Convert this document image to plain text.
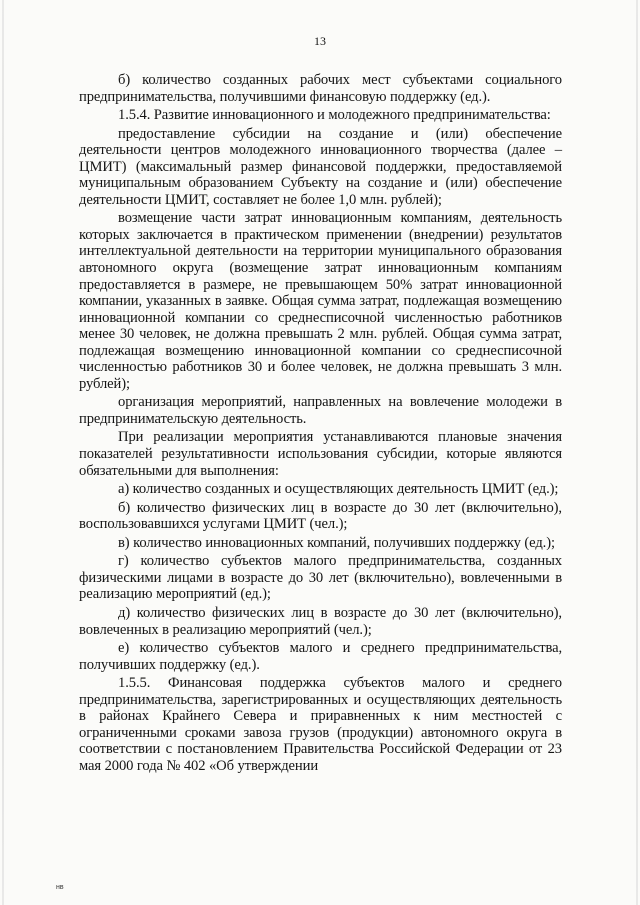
13

б) количество созданных рабочих мест субъектами социального предпринимательства, получившими финансовую поддержку (ед.).

1.5.4. Развитие инновационного и молодежного предпринимательства:

предоставление субсидии на создание и (или) обеспечение деятельности центров молодежного инновационного творчества (далее – ЦМИТ) (максимальный размер финансовой поддержки, предоставляемой муниципальным образованием Субъекту на создание и (или) обеспечение деятельности ЦМИТ, составляет не более 1,0 млн. рублей);

возмещение части затрат инновационным компаниям, деятельность которых заключается в практическом применении (внедрении) результатов интеллектуальной деятельности на территории муниципального образования автономного округа (возмещение затрат инновационным компаниям предоставляется в размере, не превышающем 50% затрат инновационной компании, указанных в заявке. Общая сумма затрат, подлежащая возмещению инновационной компании со среднесписочной численностью работников менее 30 человек, не должна превышать 2 млн. рублей. Общая сумма затрат, подлежащая возмещению инновационной компании со среднесписочной численностью работников 30 и более человек, не должна превышать 3 млн. рублей);

организация мероприятий, направленных на вовлечение молодежи в предпринимательскую деятельность.

При реализации мероприятия устанавливаются плановые значения показателей результативности использования субсидии, которые являются обязательными для выполнения:

а) количество созданных и осуществляющих деятельность ЦМИТ (ед.);

б) количество физических лиц в возрасте до 30 лет (включительно), воспользовавшихся услугами ЦМИТ (чел.);

в) количество инновационных компаний, получивших поддержку (ед.);

г) количество субъектов малого предпринимательства, созданных физическими лицами в возрасте до 30 лет (включительно), вовлеченными в реализацию мероприятий (ед.);

д) количество физических лиц в возрасте до 30 лет (включительно), вовлеченных в реализацию мероприятий (чел.);

е) количество субъектов малого и среднего предпринимательства, получивших поддержку (ед.).

1.5.5. Финансовая поддержка субъектов малого и среднего предпринимательства, зарегистрированных и осуществляющих деятельность в районах Крайнего Севера и приравненных к ним местностей с ограниченными сроками завоза грузов (продукции) автономного округа в соответствии с постановлением Правительства Российской Федерации от 23 мая 2000 года № 402 «Об утверждении

нв
